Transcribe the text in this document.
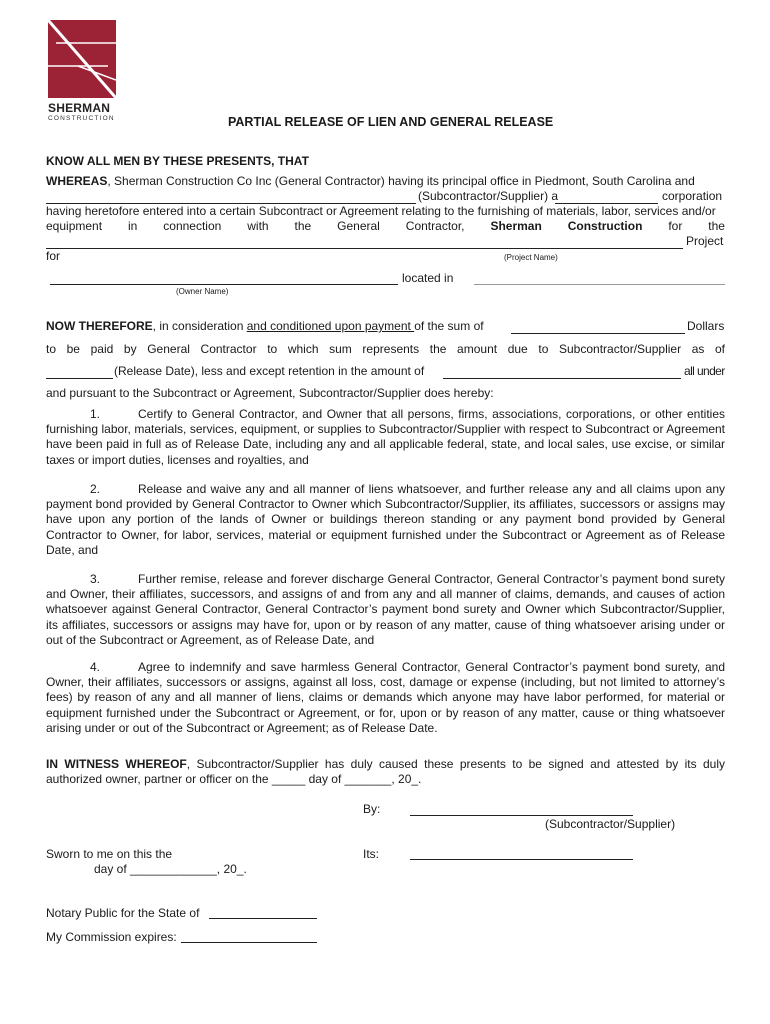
SHERMAN
CONSTRUCTION	PARTIAL RELEASE OF LIEN AND GENERAL RELEASE
KNOW ALL MEN BY THESE PRESENTS, THAT
WHEREAS, Sherman Construction Co Inc (General Contractor) having its principal office in Piedmont, South Carolina and
(Subcontractor/Supplier) a	corporation
having heretofore entered into a certain Subcontract or Agreement relating to the furnishing of materials, labor, services and/or
equipment in connection with the General Contractor, Sherman Construction for the
Project
for	(Project Name)
located in
(Owner Name)
NOW THEREFORE, in consideration and conditioned upon payment of the sum of	Dollars
to be paid by General Contractor to which sum represents the amount due to Subcontractor/Supplier as of
(Release Date), less and except retention in the amount of	all under
and pursuant to the Subcontract or Agreement, Subcontractor/Supplier does hereby:
1.	Certify to General Contractor, and Owner that all persons, firms, associations, corporations, or other entities furnishing labor, materials, services, equipment, or supplies to Subcontractor/Supplier with respect to Subcontract or Agreement have been paid in full as of Release Date, including any and all applicable federal, state, and local sales, use excise, or similar taxes or import duties, licenses and royalties, and
2.	Release and waive any and all manner of liens whatsoever, and further release any and all claims upon any payment bond provided by General Contractor to Owner which Subcontractor/Supplier, its affiliates, successors or assigns may have upon any portion of the lands of Owner or buildings thereon standing or any payment bond provided by General Contractor to Owner, for labor, services, material or equipment furnished under the Subcontract or Agreement as of Release Date, and
3.	Further remise, release and forever discharge General Contractor, General Contractor’s payment bond surety and Owner, their affiliates, successors, and assigns of and from any and all manner of claims, demands, and causes of action whatsoever against General Contractor, General Contractor’s payment bond surety and Owner which Subcontractor/Supplier, its affiliates, successors or assigns may have for, upon or by reason of any matter, cause of thing whatsoever arising under or out of the Subcontract or Agreement, as of Release Date, and
4.	Agree to indemnify and save harmless General Contractor, General Contractor’s payment bond surety, and Owner, their affiliates, successors or assigns, against all loss, cost, damage or expense (including, but not limited to attorney’s fees) by reason of any and all manner of liens, claims or demands which anyone may have labor performed, for material or equipment furnished under the Subcontract or Agreement, or for, upon or by reason of any matter, cause or thing whatsoever arising under or out of the Subcontract or Agreement; as of Release Date.
IN WITNESS WHEREOF, Subcontractor/Supplier has duly caused these presents to be signed and attested by its duly
authorized owner, partner or officer on the _____ day of _______, 20_.
By:
(Subcontractor/Supplier)
Sworn to me on this the	Its:
day of _____________, 20_.
Notary Public for the State of
My Commission expires:
